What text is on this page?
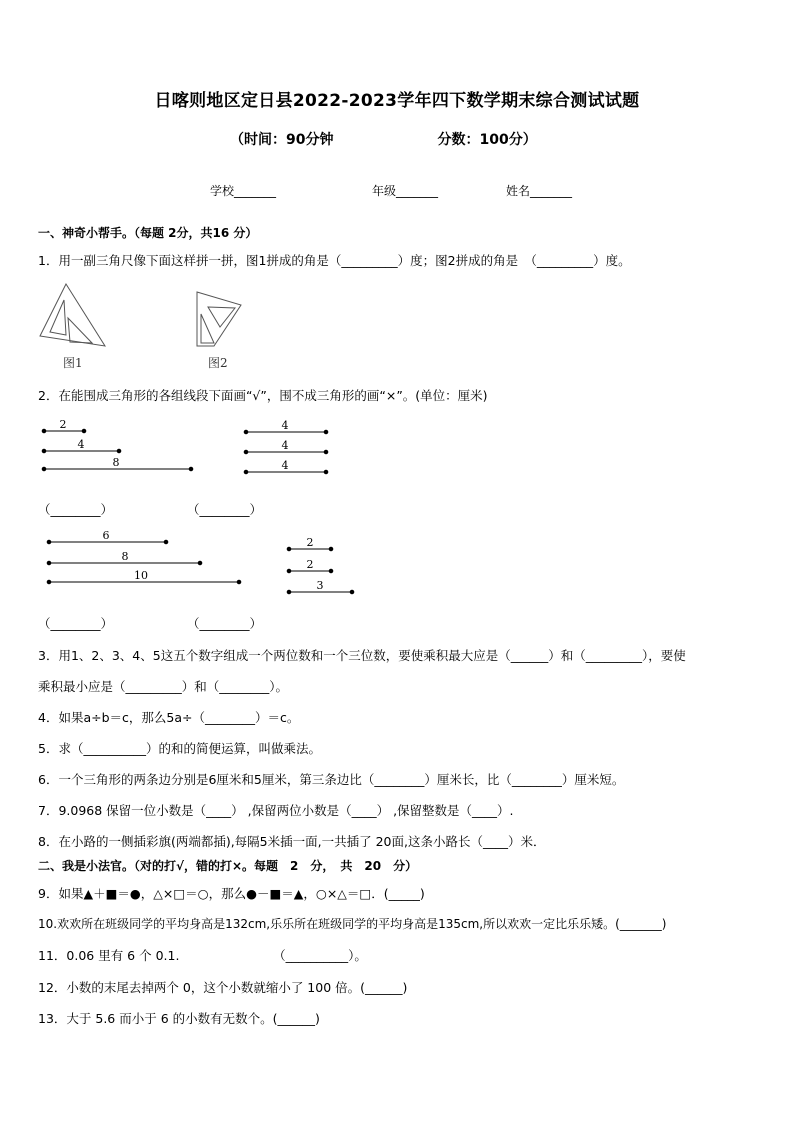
日喀则地区定日县2022-2023学年四下数学期末综合测试试题
（时间：90分钟	分数：100分）
学校_______	年级_______	姓名_______
一、神奇小帮手。（每题 2分，共16 分）
1．用一副三角尺像下面这样拼一拼，图1拼成的角是（_________）度；图2拼成的角是　（_________）度。
图1	图2
2．在能围成三角形的各组线段下面画“√”，围不成三角形的画“×”。(单位：厘米)
2
4
8
4
4
4
6
8
10
2
2
3
（________）	（________）
（________）	（________）
3．用1、2、3、4、5这五个数字组成一个两位数和一个三位数，要使乘积最大应是（______）和（_________），要使
乘积最小应是（_________）和（________）。
4．如果a÷b＝c，那么5a÷（________）＝c。
5．求（__________）的和的简便运算，叫做乘法。
6．一个三角形的两条边分别是6厘米和5厘米，第三条边比（________）厘米长，比（________）厘米短。
7．9.0968 保留一位小数是（____） ,保留两位小数是（____） ,保留整数是（____）.
8．在小路的一侧插彩旗(两端都插),每隔5米插一面,一共插了 20面,这条小路长（____）米．
二、我是小法官。（对的打√，错的打×。每题　2　分，　共　20　分）
9．如果▲＋■＝●，△×□＝○，那么●－■＝▲，○×△＝□．(_____)
10.欢欢所在班级同学的平均身高是132cm,乐乐所在班级同学的平均身高是135cm,所以欢欢一定比乐乐矮。(_______)
11．0.06 里有 6 个 0.1.　　　　　　　　（__________）。
12．小数的末尾去掉两个 0，这个小数就缩小了 100 倍。(______)
13．大于 5.6 而小于 6 的小数有无数个。(______)
